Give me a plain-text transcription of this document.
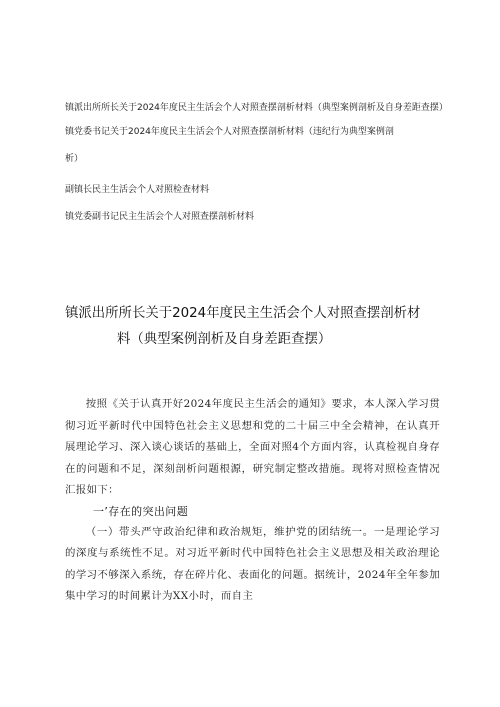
镇派出所所长关于2024年度民主生活会个人对照查摆剖析材料（典型案例剖析及自身差距查摆）
镇党委书记关于2024年度民主生活会个人对照查摆剖析材料（违纪行为典型案例剖
析）
副镇长民主生活会个人对照检查材料
镇党委副书记民主生活会个人对照查摆剖析材料
镇派出所所长关于2024年度民主生活会个人对照查摆剖析材
料（典型案例剖析及自身差距查摆）

按照《关于认真开好2024年度民主生活会的通知》要求，本人深入学习贯彻习近平新时代中国特色社会主义思想和党的二十届三中全会精神，在认真开展理论学习、深入谈心谈话的基础上，全面对照4个方面内容，认真检视自身存在的问题和不足，深刻剖析问题根源，研究制定整改措施。现将对照检查情况汇报如下：

一’存在的突出问题

（一）带头严守政治纪律和政治规矩，维护党的团结统一。一是理论学习的深度与系统性不足。对习近平新时代中国特色社会主义思想及相关政治理论的学习不够深入系统，存在碎片化、表面化的问题。据统计，2024年全年参加集中学习的时间累计为XX小时，而自主
